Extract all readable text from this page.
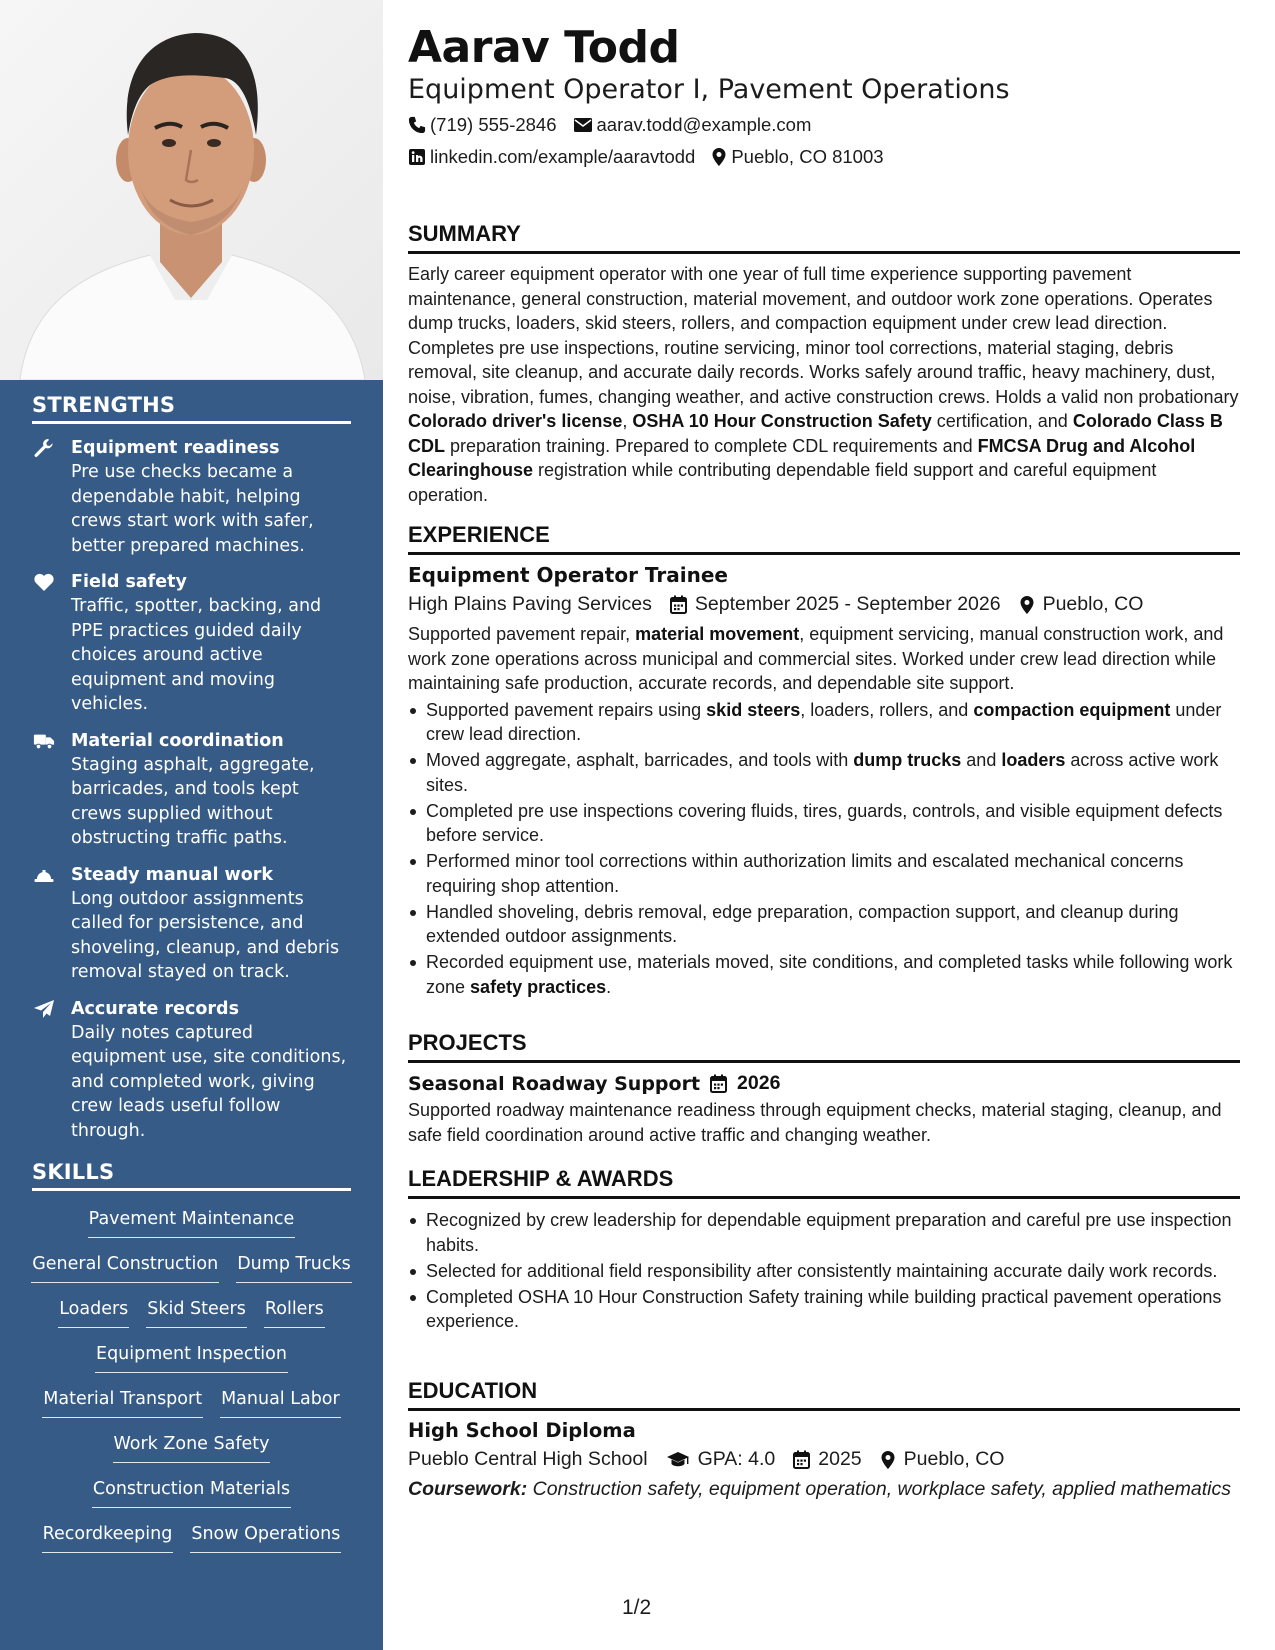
STRENGTHS
Equipment readiness
Pre use checks became a dependable habit, helping crews start work with safer, better prepared machines.
Field safety
Traffic, spotter, backing, and PPE practices guided daily choices around active equipment and moving vehicles.
Material coordination
Staging asphalt, aggregate, barricades, and tools kept crews supplied without obstructing traffic paths.
Steady manual work
Long outdoor assignments called for persistence, and shoveling, cleanup, and debris removal stayed on track.
Accurate records
Daily notes captured equipment use, site conditions, and completed work, giving crew leads useful follow through.
SKILLS
Pavement Maintenance
General Construction Dump Trucks
Loaders Skid Steers Rollers
Equipment Inspection
Material Transport Manual Labor
Work Zone Safety
Construction Materials
Recordkeeping Snow Operations
Aarav Todd
Equipment Operator I, Pavement Operations
(719) 555-2846 aarav.todd@example.com
linkedin.com/example/aaravtodd Pueblo, CO 81003
SUMMARY
Early career equipment operator with one year of full time experience supporting pavement maintenance, general construction, material movement, and outdoor work zone operations. Operates dump trucks, loaders, skid steers, rollers, and compaction equipment under crew lead direction. Completes pre use inspections, routine servicing, minor tool corrections, material staging, debris removal, site cleanup, and accurate daily records. Works safely around traffic, heavy machinery, dust, noise, vibration, fumes, changing weather, and active construction crews. Holds a valid non probationary Colorado driver's license, OSHA 10 Hour Construction Safety certification, and Colorado Class B CDL preparation training. Prepared to complete CDL requirements and FMCSA Drug and Alcohol Clearinghouse registration while contributing dependable field support and careful equipment operation.
EXPERIENCE
Equipment Operator Trainee
High Plains Paving Services September 2025 - September 2026 Pueblo, CO
Supported pavement repair, material movement, equipment servicing, manual construction work, and work zone operations across municipal and commercial sites. Worked under crew lead direction while maintaining safe production, accurate records, and dependable site support.
Supported pavement repairs using skid steers, loaders, rollers, and compaction equipment under crew lead direction.
Moved aggregate, asphalt, barricades, and tools with dump trucks and loaders across active work sites.
Completed pre use inspections covering fluids, tires, guards, controls, and visible equipment defects before service.
Performed minor tool corrections within authorization limits and escalated mechanical concerns requiring shop attention.
Handled shoveling, debris removal, edge preparation, compaction support, and cleanup during extended outdoor assignments.
Recorded equipment use, materials moved, site conditions, and completed tasks while following work zone safety practices.
PROJECTS
Seasonal Roadway Support 2026
Supported roadway maintenance readiness through equipment checks, material staging, cleanup, and safe field coordination around active traffic and changing weather.
LEADERSHIP & AWARDS
Recognized by crew leadership for dependable equipment preparation and careful pre use inspection habits.
Selected for additional field responsibility after consistently maintaining accurate daily work records.
Completed OSHA 10 Hour Construction Safety training while building practical pavement operations experience.
EDUCATION
High School Diploma
Pueblo Central High School	GPA: 4.0 2025 Pueblo, CO
Coursework: Construction safety, equipment operation, workplace safety, applied mathematics
1/2
